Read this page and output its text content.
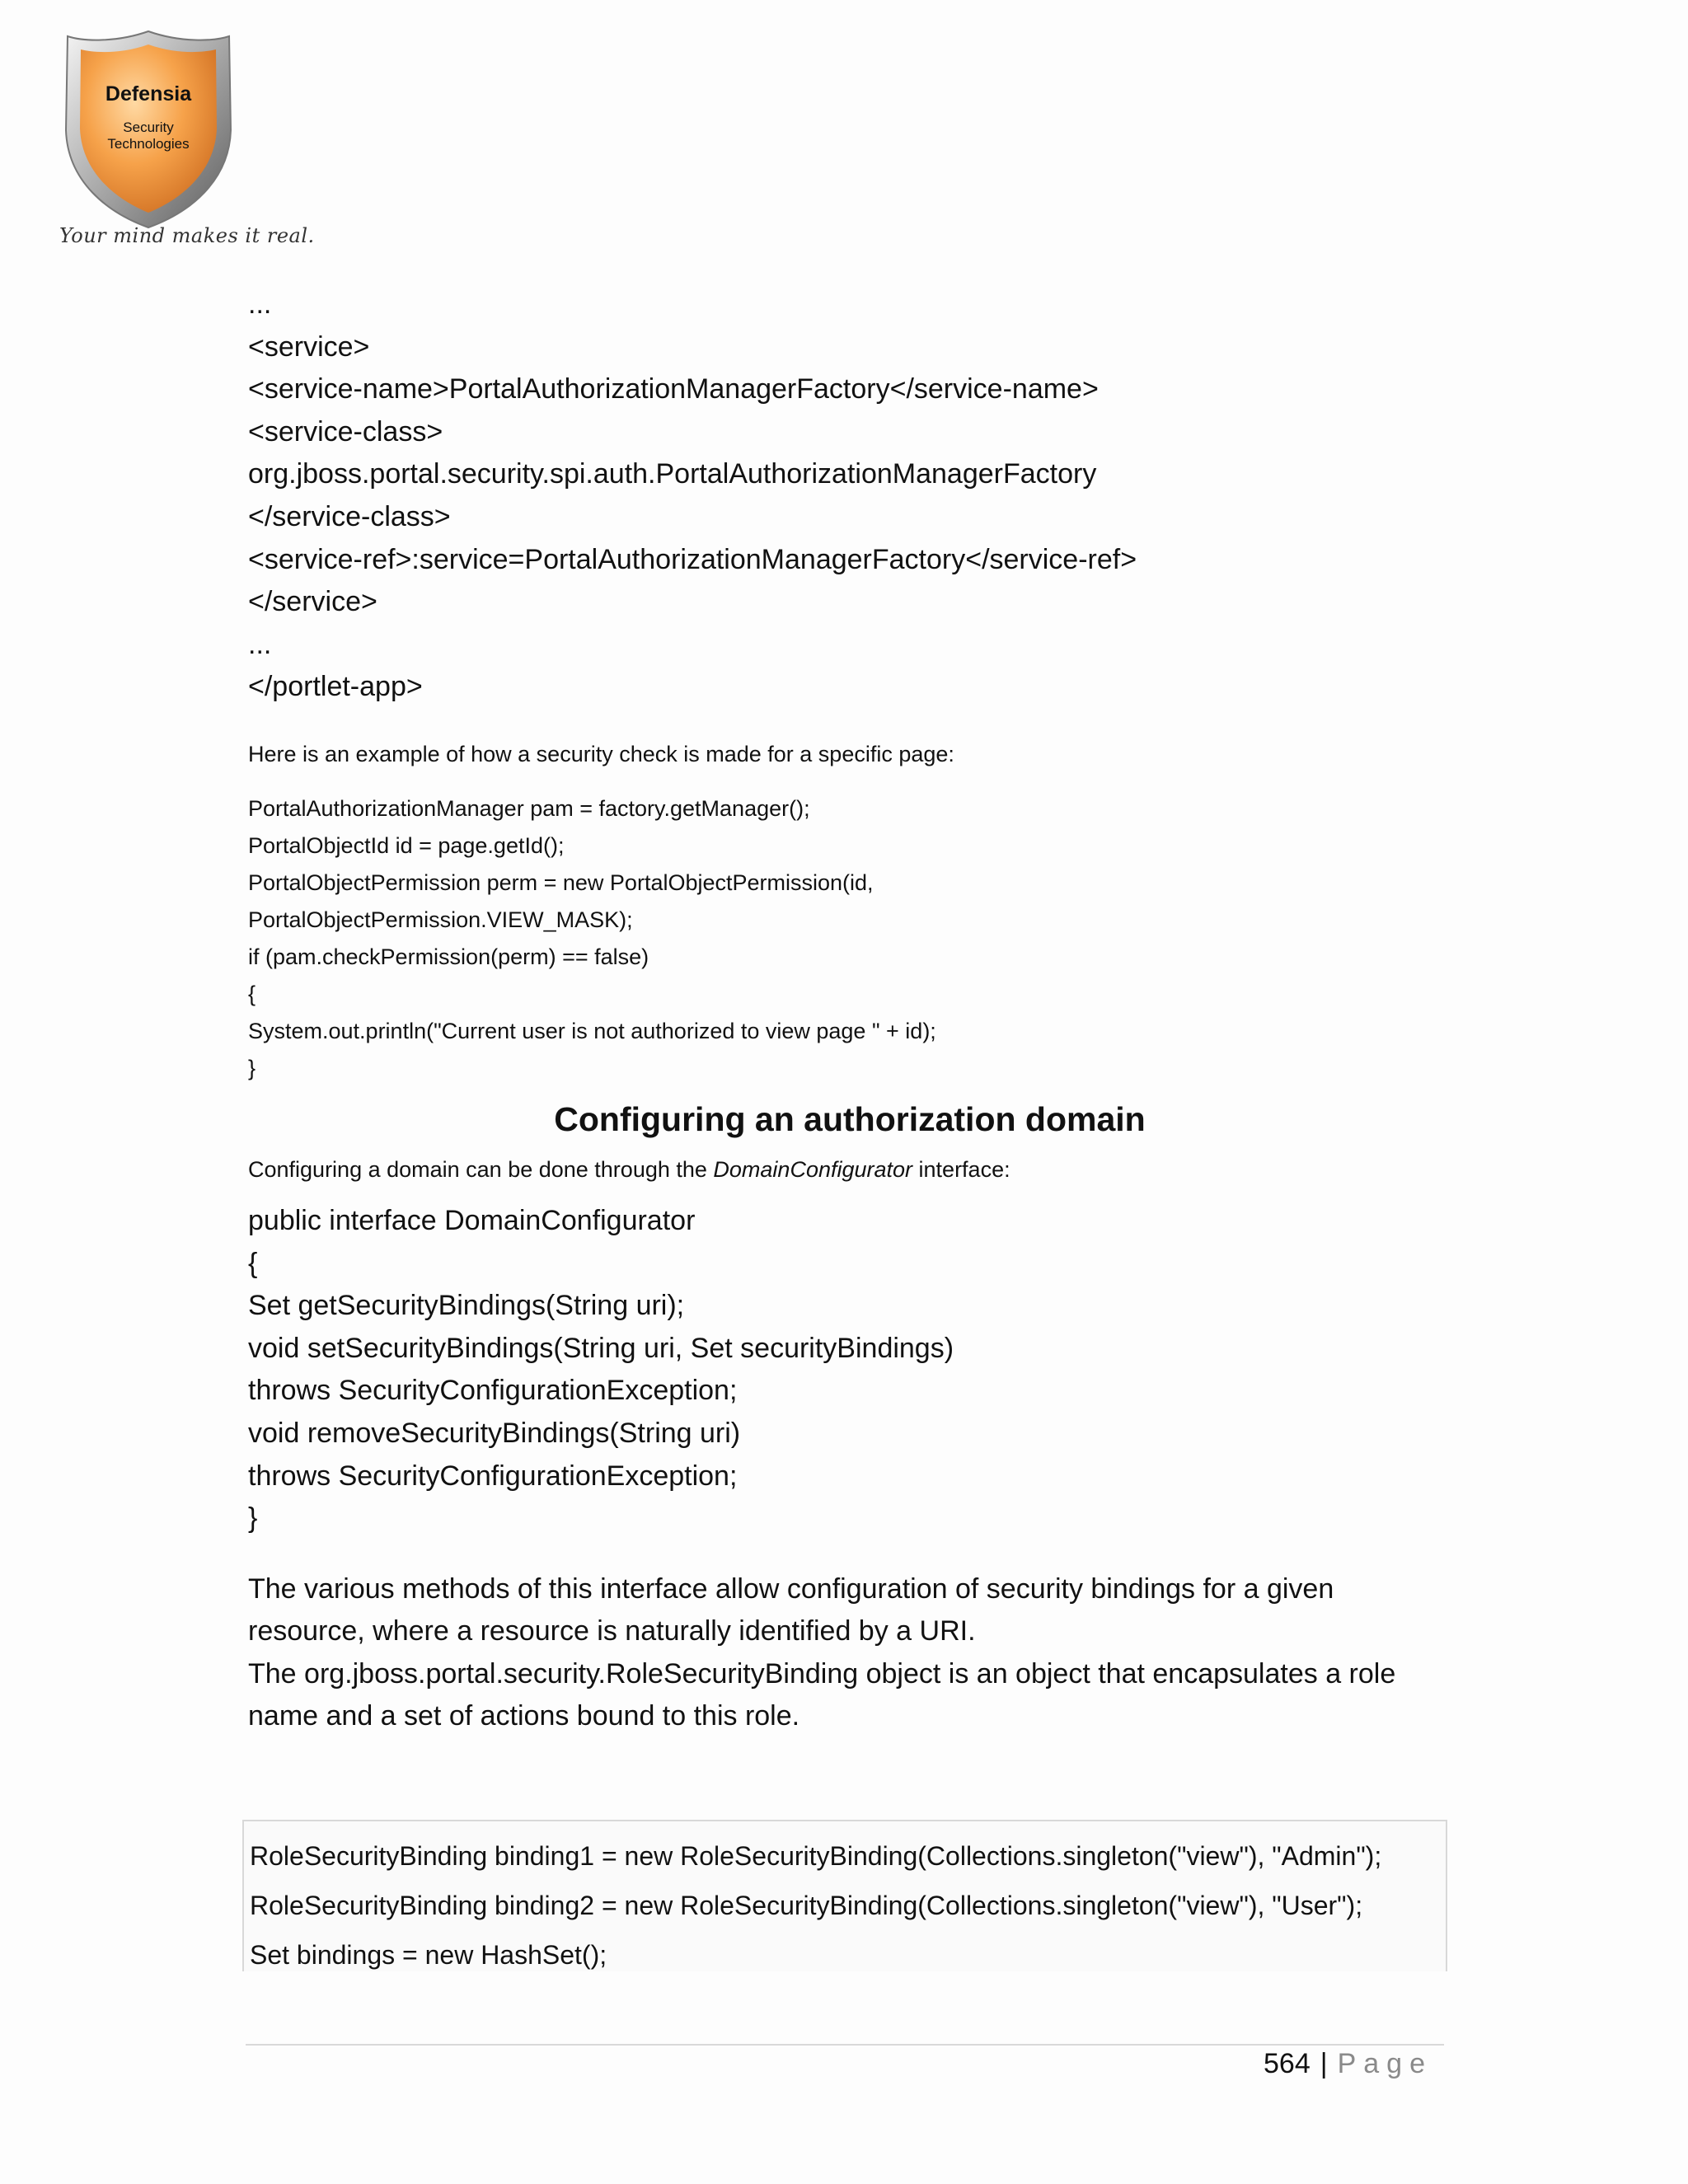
Defensia
Security
Technologies
Your mind makes it real.
...
<service>
<service-name>PortalAuthorizationManagerFactory</service-name>
<service-class>
org.jboss.portal.security.spi.auth.PortalAuthorizationManagerFactory
</service-class>
<service-ref>:service=PortalAuthorizationManagerFactory</service-ref>
</service>
...
</portlet-app>

Here is an example of how a security check is made for a specific page:

PortalAuthorizationManager pam = factory.getManager();
PortalObjectId id = page.getId();
PortalObjectPermission perm = new PortalObjectPermission(id,
PortalObjectPermission.VIEW_MASK);
if (pam.checkPermission(perm) == false)
{
System.out.println("Current user is not authorized to view page " + id);
}
Configuring an authorization domain

Configuring a domain can be done through the DomainConfigurator interface:

public interface DomainConfigurator
{
Set getSecurityBindings(String uri);
void setSecurityBindings(String uri, Set securityBindings)
throws SecurityConfigurationException;
void removeSecurityBindings(String uri)
throws SecurityConfigurationException;
}
The various methods of this interface allow configuration of security bindings for a given
resource, where a resource is naturally identified by a URI.
The org.jboss.portal.security.RoleSecurityBinding object is an object that encapsulates a role
name and a set of actions bound to this role.
RoleSecurityBinding binding1 = new RoleSecurityBinding(Collections.singleton("view"), "Admin");
RoleSecurityBinding binding2 = new RoleSecurityBinding(Collections.singleton("view"), "User");
Set bindings = new HashSet();
564 | Page
